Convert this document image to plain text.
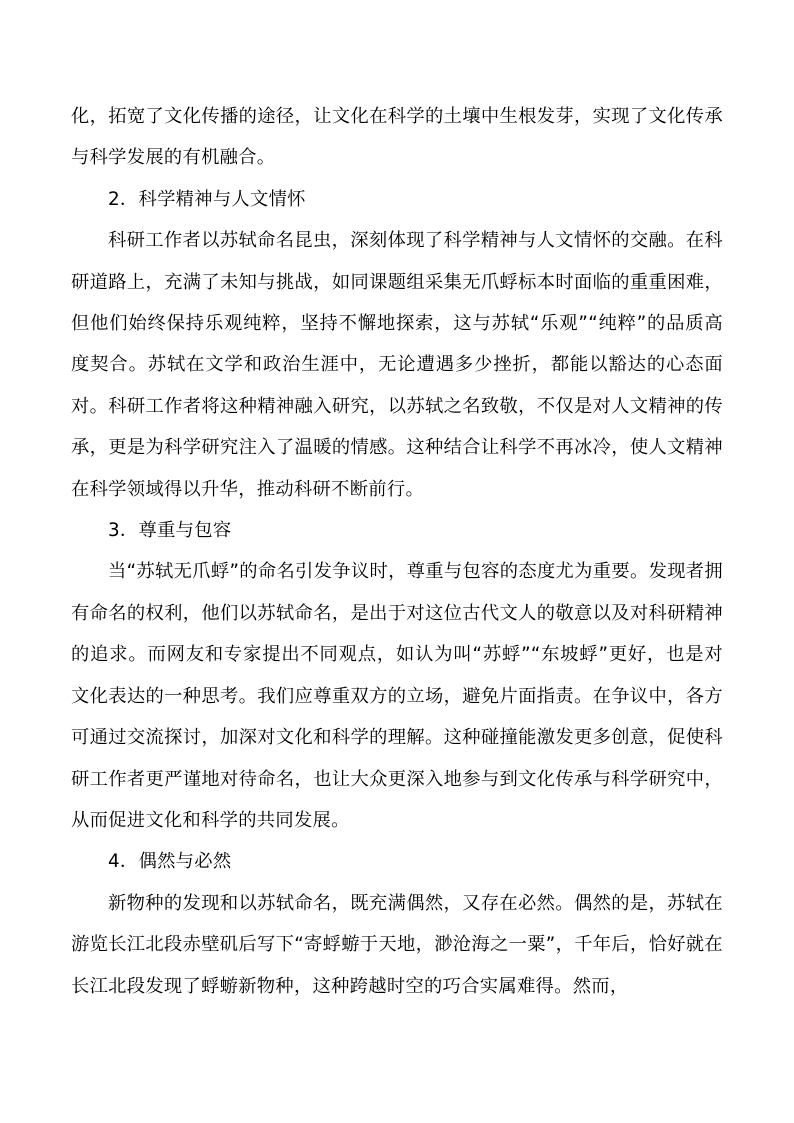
化，拓宽了文化传播的途径，让文化在科学的土壤中生根发芽，实现了文化传承与科学发展的有机融合。

2．科学精神与人文情怀

科研工作者以苏轼命名昆虫，深刻体现了科学精神与人文情怀的交融。在科研道路上，充满了未知与挑战，如同课题组采集无爪蜉标本时面临的重重困难，但他们始终保持乐观纯粹，坚持不懈地探索，这与苏轼“乐观”“纯粹”的品质高度契合。苏轼在文学和政治生涯中，无论遭遇多少挫折，都能以豁达的心态面对。科研工作者将这种精神融入研究，以苏轼之名致敬，不仅是对人文精神的传承，更是为科学研究注入了温暖的情感。这种结合让科学不再冰冷，使人文精神在科学领域得以升华，推动科研不断前行。

3．尊重与包容

当“苏轼无爪蜉”的命名引发争议时，尊重与包容的态度尤为重要。发现者拥有命名的权利，他们以苏轼命名，是出于对这位古代文人的敬意以及对科研精神的追求。而网友和专家提出不同观点，如认为叫“苏蜉”“东坡蜉”更好，也是对文化表达的一种思考。我们应尊重双方的立场，避免片面指责。在争议中，各方可通过交流探讨，加深对文化和科学的理解。这种碰撞能激发更多创意，促使科研工作者更严谨地对待命名，也让大众更深入地参与到文化传承与科学研究中，从而促进文化和科学的共同发展。

4．偶然与必然

新物种的发现和以苏轼命名，既充满偶然，又存在必然。偶然的是，苏轼在游览长江北段赤壁矶后写下“寄蜉蝣于天地，渺沧海之一粟”，千年后，恰好就在长江北段发现了蜉蝣新物种，这种跨越时空的巧合实属难得。然而，
